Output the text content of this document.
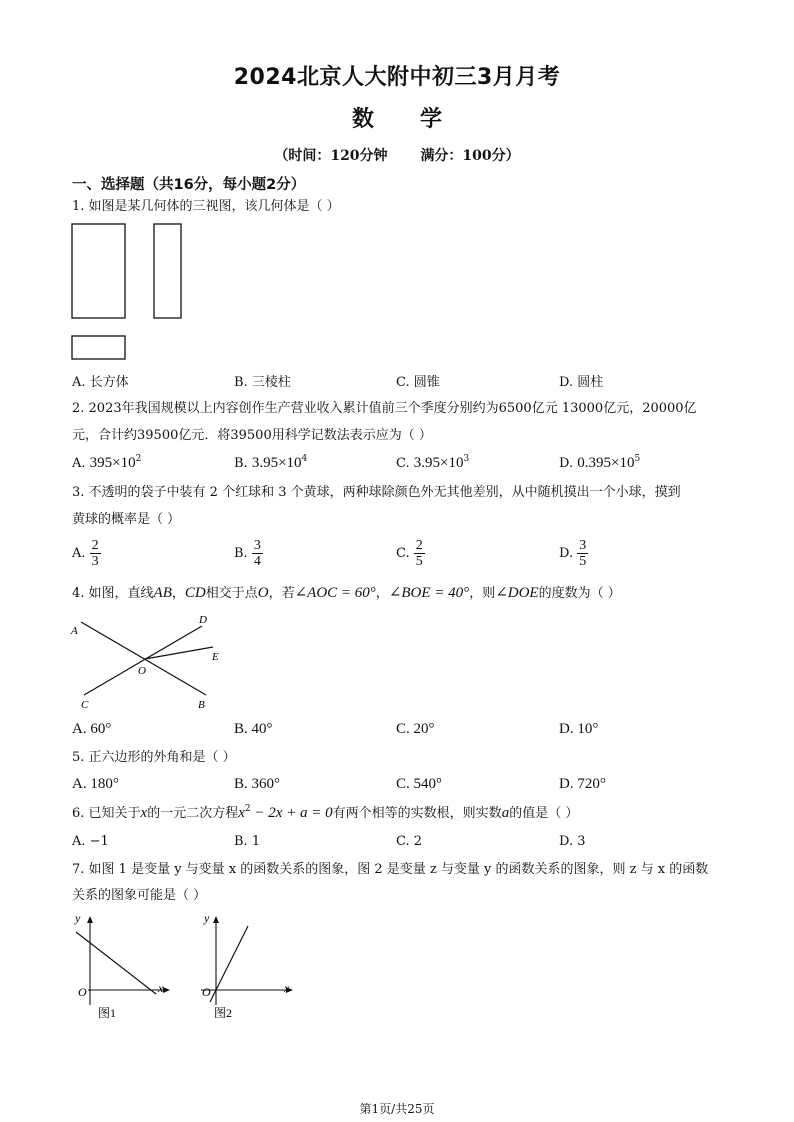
2024北京人大附中初三3月月考
数学
（时间：120分钟 满分：100分）
一、选择题（共16分，每小题2分）
1. 如图是某几何体的三视图，该几何体是（ ）
A. 长方体	B. 三棱柱	C. 圆锥	D. 圆柱
2. 2023年我国规模以上内容创作生产营业收入累计值前三个季度分别约为6500亿元 13000亿元，20000亿
元，合计约39500亿元．将39500用科学记数法表示应为（ ）
A. $395\times 10^2$	B. $3.95\times 10^4$	C. $3.95\times 10^3$	D. $0.395\times 10^5$
3. 不透明的袋子中装有 2 个红球和 3 个黄球，两种球除颜色外无其他差别，从中随机摸出一个小球，摸到
黄球的概率是（ ）
A. $\frac{2}{3}$	B. $\frac{3}{4}$	C. $\frac{2}{5}$	D. $\frac{3}{5}$
4. 如图，直线AB，CD相交于点O，若∠AOC = 60°，∠BOE = 40°，则∠DOE的度数为（ ）
A
B
C
D
E
O
A. 60°	B. 40°	C. 20°	D. 10°
5. 正六边形的外角和是（ ）
A. 180°	B. 360°	C. 540°	D. 720°
6. 已知关于x的一元二次方程$x^2 - 2x + a = 0$有两个相等的实数根，则实数a的值是（ ）
A. −1	B. 1	C. 2	D. 3
7. 如图 1 是变量 y 与变量 x 的函数关系的图象，图 2 是变量 z 与变量 y 的函数关系的图象，则 z 与 x 的函数
关系的图象可能是（ ）
y
O	x
图1
y
O	x
图2
第1页/共25页
